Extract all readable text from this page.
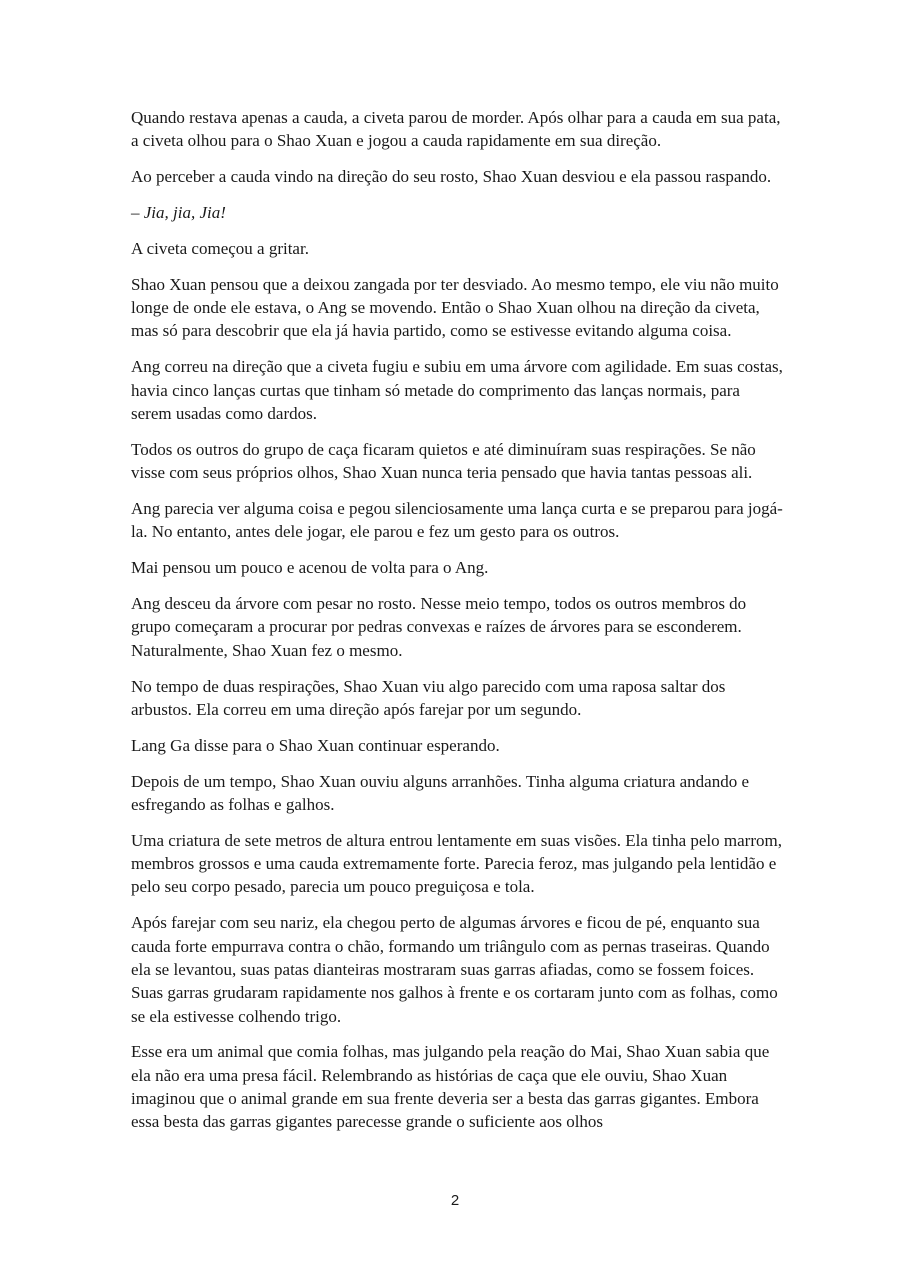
Quando restava apenas a cauda, a civeta parou de morder. Após olhar para a cauda em sua pata, a civeta olhou para o Shao Xuan e jogou a cauda rapidamente em sua direção.

Ao perceber a cauda vindo na direção do seu rosto, Shao Xuan desviou e ela passou raspando.

– Jia, jia, Jia!

A civeta começou a gritar.

Shao Xuan pensou que a deixou zangada por ter desviado. Ao mesmo tempo, ele viu não muito longe de onde ele estava, o Ang se movendo. Então o Shao Xuan olhou na direção da civeta, mas só para descobrir que ela já havia partido, como se estivesse evitando alguma coisa.

Ang correu na direção que a civeta fugiu e subiu em uma árvore com agilidade. Em suas costas, havia cinco lanças curtas que tinham só metade do comprimento das lanças normais, para serem usadas como dardos.

Todos os outros do grupo de caça ficaram quietos e até diminuíram suas respirações. Se não visse com seus próprios olhos, Shao Xuan nunca teria pensado que havia tantas pessoas ali.

Ang parecia ver alguma coisa e pegou silenciosamente uma lança curta e se preparou para jogá-la. No entanto, antes dele jogar, ele parou e fez um gesto para os outros.

Mai pensou um pouco e acenou de volta para o Ang.

Ang desceu da árvore com pesar no rosto. Nesse meio tempo, todos os outros membros do grupo começaram a procurar por pedras convexas e raízes de árvores para se esconderem. Naturalmente, Shao Xuan fez o mesmo.

No tempo de duas respirações, Shao Xuan viu algo parecido com uma raposa saltar dos arbustos. Ela correu em uma direção após farejar por um segundo.

Lang Ga disse para o Shao Xuan continuar esperando.

Depois de um tempo, Shao Xuan ouviu alguns arranhões. Tinha alguma criatura andando e esfregando as folhas e galhos.

Uma criatura de sete metros de altura entrou lentamente em suas visões. Ela tinha pelo marrom, membros grossos e uma cauda extremamente forte. Parecia feroz, mas julgando pela lentidão e pelo seu corpo pesado, parecia um pouco preguiçosa e tola.

Após farejar com seu nariz, ela chegou perto de algumas árvores e ficou de pé, enquanto sua cauda forte empurrava contra o chão, formando um triângulo com as pernas traseiras. Quando ela se levantou, suas patas dianteiras mostraram suas garras afiadas, como se fossem foices. Suas garras grudaram rapidamente nos galhos à frente e os cortaram junto com as folhas, como se ela estivesse colhendo trigo.

Esse era um animal que comia folhas, mas julgando pela reação do Mai, Shao Xuan sabia que ela não era uma presa fácil. Relembrando as histórias de caça que ele ouviu, Shao Xuan imaginou que o animal grande em sua frente deveria ser a besta das garras gigantes. Embora essa besta das garras gigantes parecesse grande o suficiente aos olhos

2
